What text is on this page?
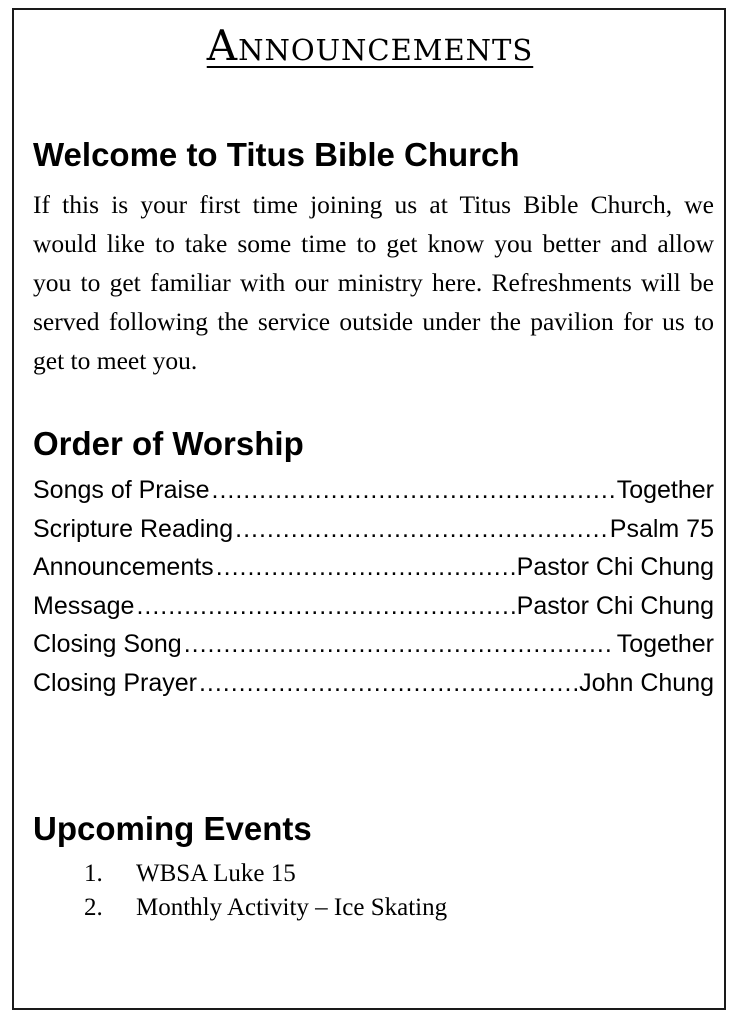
Announcements
Welcome to Titus Bible Church
If this is your first time joining us at Titus Bible Church, we would like to take some time to get know you better and allow you to get familiar with our ministry here. Refreshments will be served following the service outside under the pavilion for us to get to meet you.
Order of Worship
Songs of Praise .....	Together
Scripture Reading .....	Psalm 75
Announcements .....	Pastor Chi Chung
Message .....	Pastor Chi Chung
Closing Song .....	Together
Closing Prayer .....	John Chung
Upcoming Events
1.	WBSA Luke 15
2.	Monthly Activity – Ice Skating
